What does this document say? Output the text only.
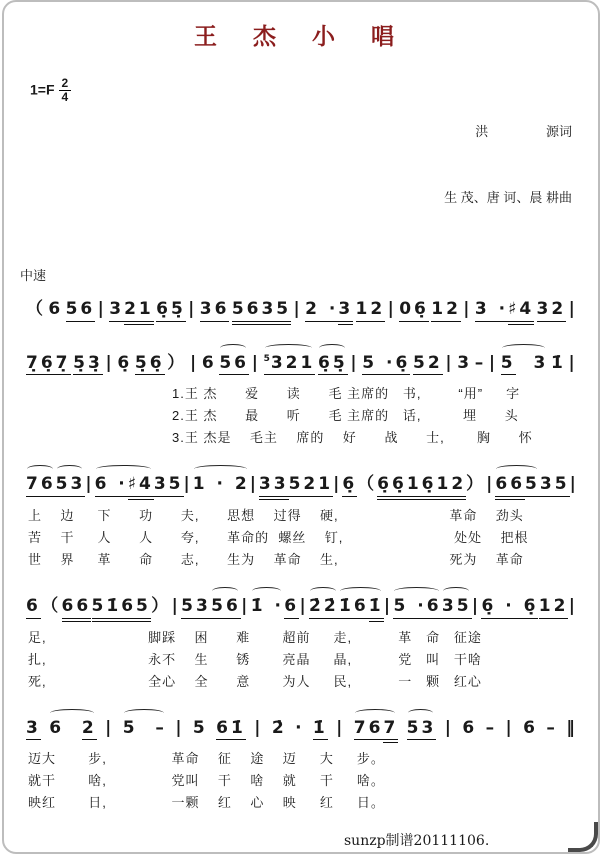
王 杰 小 唱
$1=F \frac{2}{4}$

洪                源词

生 茂、唐 诃、晨 耕曲

中速
（ 6 56 | 321 6̣5̣ | 36 5635 | 2 ·3 12 | 06̣ 12 | 3 ·♯4 32 |
7̣6̣7̣ 5̣3̣ | 6̣ 5̣6̣ ） | 6 56 | $^5$321 6̣5̣ | 5 ·6̣ 52 | 3 – | 5  3 1̇ |
1.王 杰      爱      读      毛 主席的   书,        “用”     字
2.王 杰      最      听      毛 主席的   话,         埋      头
3.王 杰是    毛主    席的    好      战      士,       胸      怀
76 53 | 6 ·♯4 35 | 1 · 2 | 335 21 | 6̣ （ 6̣6̣ 16̣12 ） | 665 35 |
上    边     下      功      夫,      思想    过得    硬,                        革命    劲头
苦    干     人      人      夸,      革命的  螺丝    钉,                        处处    把根
世    界     革      命      志,      生为    革命    生,                        死为    革命
6 （ 66 51̇65 ） | 53 56 | 1̇ · 6 | 2̇2̇ 1̇61̇ | 5 ·6 35 | 6̣ · 6̣ 12 |
足,                      脚踩    困      难       超前     走,          革   命   征途
扎,                      永不    生      锈       亮晶     晶,          党   叫   干啥
死,                      全心    全      意       为人     民,          一   颗   红心
3 6  2 | 5  – | 5 61̇ | 2̇ · 1̇ | 767 53 | 6 – | 6 – ‖
迈大       步,              革命    征    途    迈     大     步。
就干       啥,              党叫    干    啥    就     干     啥。
映红       日,              一颗    红    心    映     红     日。
sunzp制谱20111106.
